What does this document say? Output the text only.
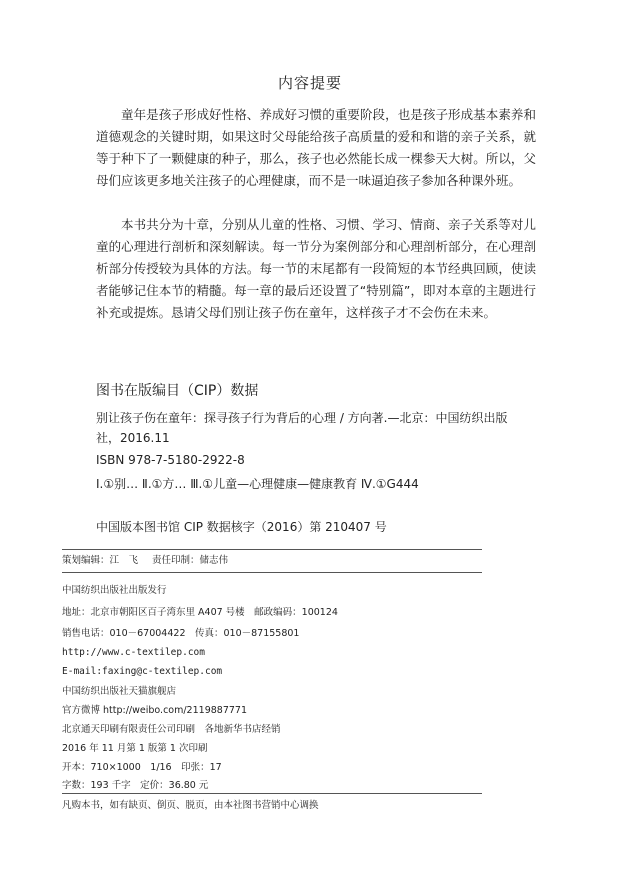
内容提要

童年是孩子形成好性格、养成好习惯的重要阶段，也是孩子形成基本素养和道德观念的关键时期，如果这时父母能给孩子高质量的爱和和谐的亲子关系，就等于种下了一颗健康的种子，那么，孩子也必然能长成一棵参天大树。所以，父母们应该更多地关注孩子的心理健康，而不是一味逼迫孩子参加各种课外班。

本书共分为十章，分别从儿童的性格、习惯、学习、情商、亲子关系等对儿童的心理进行剖析和深刻解读。每一节分为案例部分和心理剖析部分，在心理剖析部分传授较为具体的方法。每一节的末尾都有一段简短的本节经典回顾，使读者能够记住本节的精髓。每一章的最后还设置了“特别篇”，即对本章的主题进行补充或提炼。恳请父母们别让孩子伤在童年，这样孩子才不会伤在未来。

图书在版编目（CIP）数据

别让孩子伤在童年：探寻孩子行为背后的心理 / 方向著.—北京：中国纺织出版社，2016.11

ISBN 978-7-5180-2922-8

Ⅰ.①别… Ⅱ.①方… Ⅲ.①儿童—心理健康—健康教育 Ⅳ.①G444

中国版本图书馆 CIP 数据核字（2016）第 210407 号

策划编辑：江　飞 责任印制：储志伟
中国纺织出版社出版发行
地址：北京市朝阳区百子湾东里 A407 号楼　邮政编码：100124
销售电话：010－67004422　传真：010－87155801
http://www.c-textilep.com
E-mail:faxing@c-textilep.com
中国纺织出版社天猫旗舰店
官方微博 http://weibo.com/2119887771
北京通天印刷有限责任公司印刷　各地新华书店经销
2016 年 11 月第 1 版第 1 次印刷
开本：710×1000　1/16　印张：17
字数：193 千字　定价：36.80 元
凡购本书，如有缺页、倒页、脱页，由本社图书营销中心调换
